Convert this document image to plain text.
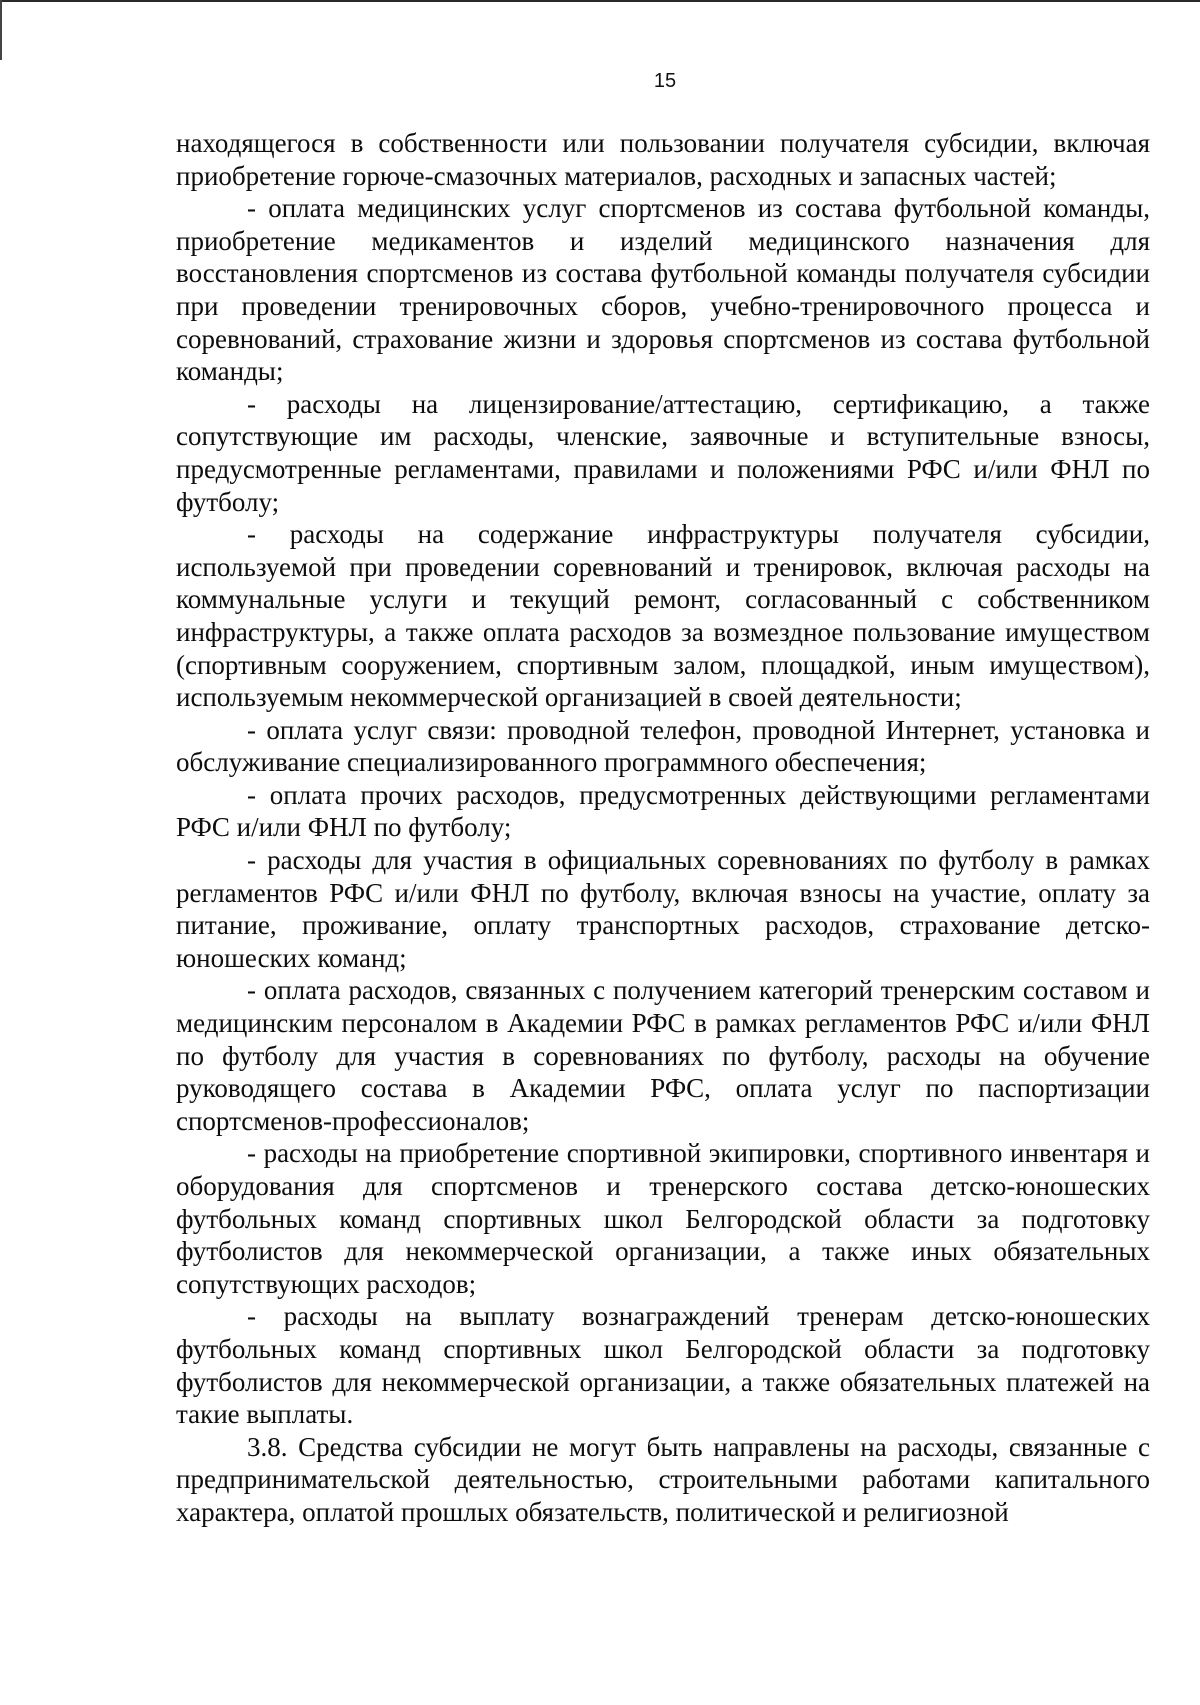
15

находящегося в собственности или пользовании получателя субсидии, включая приобретение горюче-смазочных материалов, расходных и запасных частей;

- оплата медицинских услуг спортсменов из состава футбольной команды, приобретение медикаментов и изделий медицинского назначения для восстановления спортсменов из состава футбольной команды получателя субсидии при проведении тренировочных сборов, учебно-тренировочного процесса и соревнований, страхование жизни и здоровья спортсменов из состава футбольной команды;

- расходы на лицензирование/аттестацию, сертификацию, а также сопутствующие им расходы, членские, заявочные и вступительные взносы, предусмотренные регламентами, правилами и положениями РФС и/или ФНЛ по футболу;

- расходы на содержание инфраструктуры получателя субсидии, используемой при проведении соревнований и тренировок, включая расходы на коммунальные услуги и текущий ремонт, согласованный с собственником инфраструктуры, а также оплата расходов за возмездное пользование имуществом (спортивным сооружением, спортивным залом, площадкой, иным имуществом), используемым некоммерческой организацией в своей деятельности;

- оплата услуг связи: проводной телефон, проводной Интернет, установка и обслуживание специализированного программного обеспечения;

- оплата прочих расходов, предусмотренных действующими регламентами РФС и/или ФНЛ по футболу;

- расходы для участия в официальных соревнованиях по футболу в рамках регламентов РФС и/или ФНЛ по футболу, включая взносы на участие, оплату за питание, проживание, оплату транспортных расходов, страхование детско-юношеских команд;

- оплата расходов, связанных с получением категорий тренерским составом и медицинским персоналом в Академии РФС в рамках регламентов РФС и/или ФНЛ по футболу для участия в соревнованиях по футболу, расходы на обучение руководящего состава в Академии РФС, оплата услуг по паспортизации спортсменов-профессионалов;

- расходы на приобретение спортивной экипировки, спортивного инвентаря и оборудования для спортсменов и тренерского состава детско-юношеских футбольных команд спортивных школ Белгородской области за подготовку футболистов для некоммерческой организации, а также иных обязательных сопутствующих расходов;

- расходы на выплату вознаграждений тренерам детско-юношеских футбольных команд спортивных школ Белгородской области за подготовку футболистов для некоммерческой организации, а также обязательных платежей на такие выплаты.

3.8. Средства субсидии не могут быть направлены на расходы, связанные с предпринимательской деятельностью, строительными работами капитального характера, оплатой прошлых обязательств, политической и религиозной
